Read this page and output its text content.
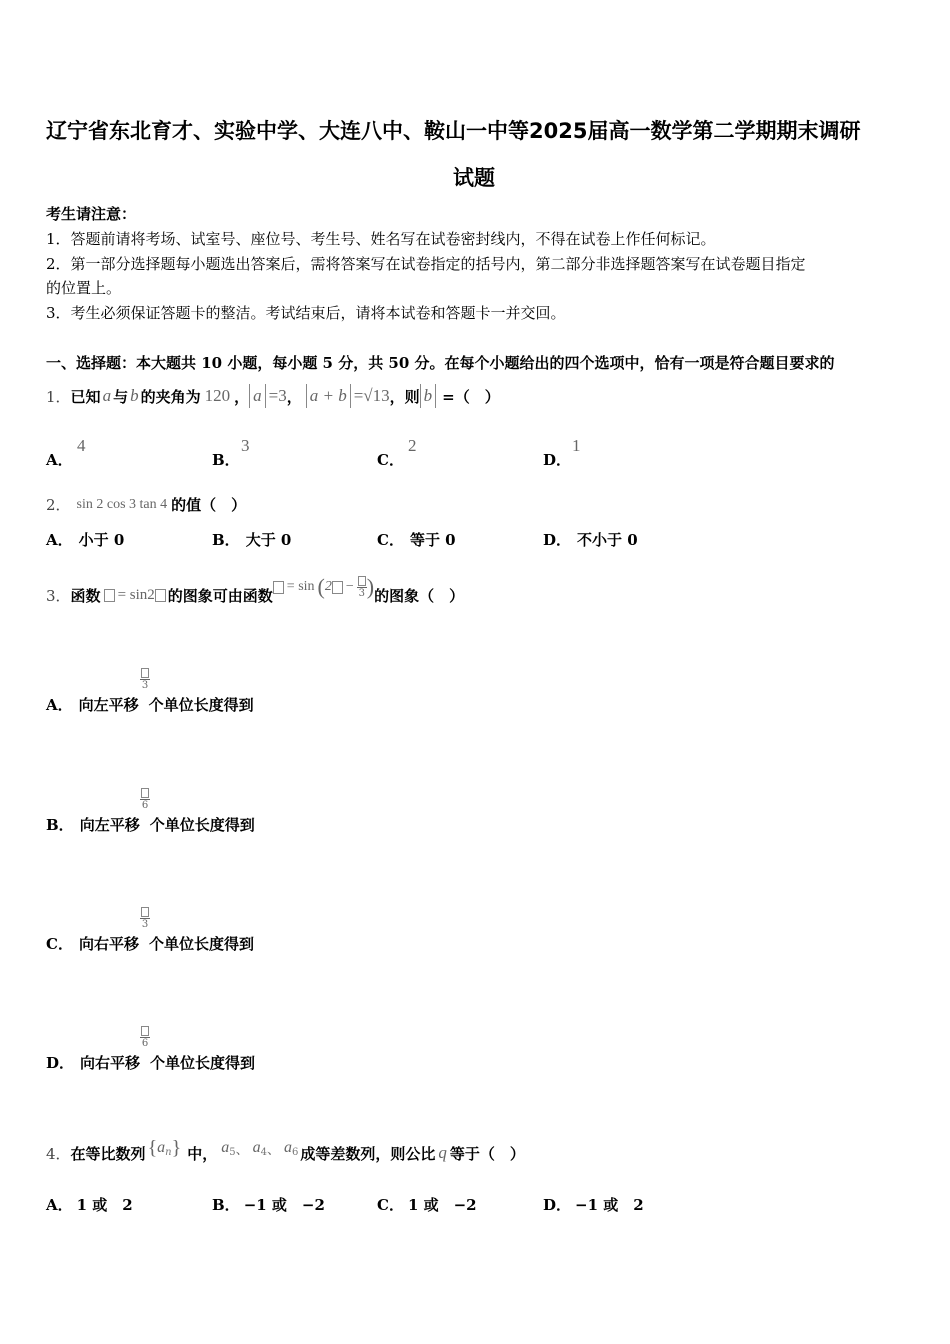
辽宁省东北育才、实验中学、大连八中、鞍山一中等2025届高一数学第二学期期末调研
试题
考生请注意：
1．答题前请将考场、试室号、座位号、考生号、姓名写在试卷密封线内，不得在试卷上作任何标记。
2．第一部分选择题每小题选出答案后，需将答案写在试卷指定的括号内，第二部分非选择题答案写在试卷题目指定
的位置上。
3．考生必须保证答题卡的整洁。考试结束后，请将本试卷和答题卡一并交回。
一、选择题：本大题共 10 小题，每小题 5 分，共 50 分。在每个小题给出的四个选项中，恰有一项是符合题目要求的
1． 已知 a 与 b 的夹角为 120 ， a =3 ， a + b =√13 ，则 b =（　）
A．
4
B．
3
C．
2
D．
1
2． sin 2 cos 3 tan 4 的值（　）
A． 小于 0	B． 大于 0	C． 等于 0	D． 不小于 0
3． 函数 = sin2 的图象可由函数 = sin ( 2 − 3 ) 的图象（　）
3
A． 向左平移 个单位长度得到
6
B． 向左平移 个单位长度得到
3
C． 向右平移 个单位长度得到
6
D． 向右平移 个单位长度得到
4． 在等比数列 { a n } 中， a 5 、 a 4 、 a 6 成等差数列，则公比 q 等于（　）
A． 1 或　2	B． −1 或　−2	C． 1 或　−2	D． −1 或　2
